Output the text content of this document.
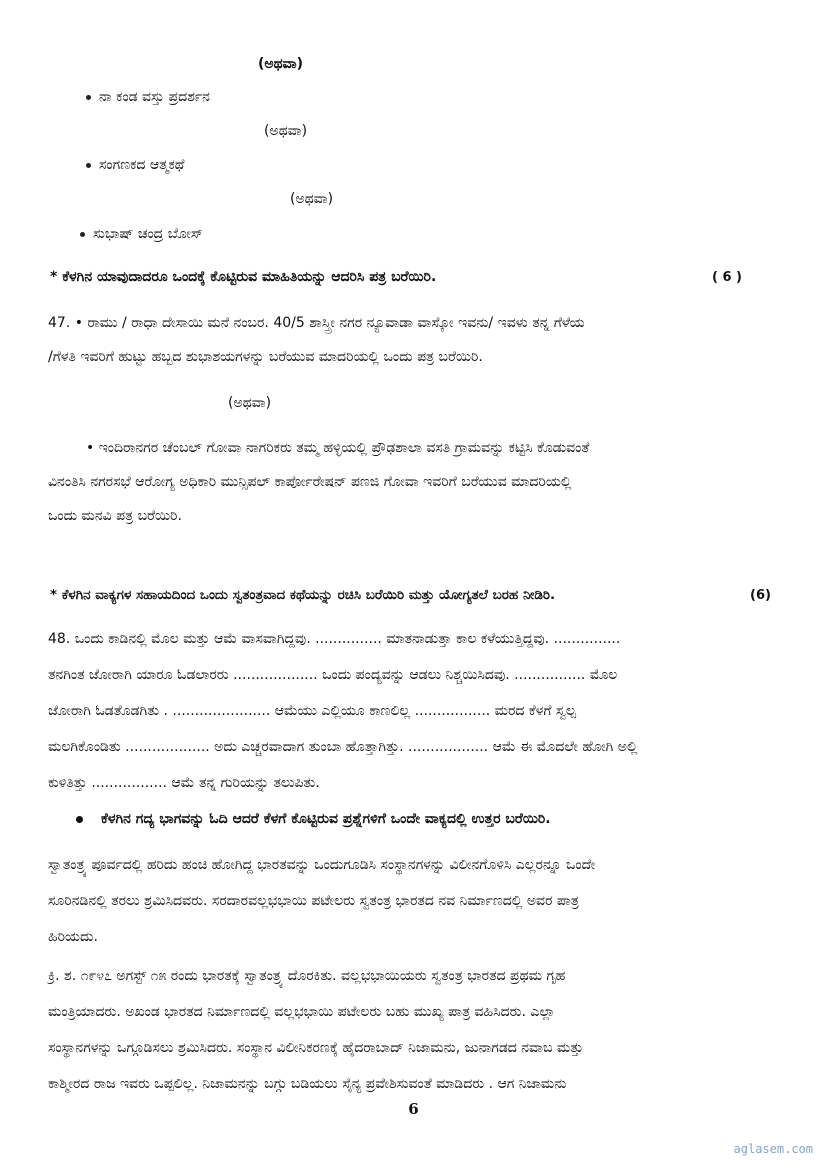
(ಅಥವಾ)
ನಾ ಕಂಡ ವಸ್ತು ಪ್ರದರ್ಶನ
(ಅಥವಾ)
ಸಂಗಣಕದ ಆತ್ಮಕಥೆ
(ಅಥವಾ)
ಸುಭಾಷ್ ಚಂದ್ರ ಬೋಸ್
* ಕೆಳಗಿನ ಯಾವುದಾದರೂ ಒಂದಕ್ಕೆ ಕೊಟ್ಟಿರುವ ಮಾಹಿತಿಯನ್ನು ಆದರಿಸಿ ಪತ್ರ ಬರೆಯಿರಿ.	( 6 )
47. • ರಾಮು / ರಾಧಾ ದೇಸಾಯಿ ಮನೆ ನಂಬರ. 40/5 ಶಾಸ್ತ್ರೀ ನಗರ ನ್ಯೂವಾಡಾ ವಾಸ್ಕೋ ಇವನು/ ಇವಳು ತನ್ನ ಗೆಳೆಯ
/ಗೆಳತಿ ಇವರಿಗೆ ಹುಟ್ಟು ಹಬ್ಬದ ಶುಭಾಶಯಗಳನ್ನು ಬರೆಯುವ ಮಾದರಿಯಲ್ಲಿ ಒಂದು ಪತ್ರ ಬರೆಯಿರಿ.
(ಅಥವಾ)
• ಇಂದಿರಾನಗರ ಚೆಂಬಲ್ ಗೋವಾ ನಾಗರಿಕರು ತಮ್ಮ ಹಳ್ಳಿಯಲ್ಲಿ ಪ್ರೌಢಶಾಲಾ ವಸತಿ ಗ್ರಾಮವನ್ನು ಕಟ್ಟಿಸಿ ಕೊಡುವಂತೆ
ವಿನಂತಿಸಿ ನಗರಸಭೆ ಆರೋಗ್ಯ ಅಧಿಕಾರಿ ಮುನ್ಸಿಪಲ್ ಕಾರ್ಪೋರೇಷನ್ ಪಣಜಿ ಗೋವಾ ಇವರಿಗೆ ಬರೆಯುವ ಮಾದರಿಯಲ್ಲಿ
ಒಂದು ಮನವಿ ಪತ್ರ ಬರೆಯಿರಿ.
* ಕೆಳಗಿನ ವಾಕ್ಯಗಳ ಸಹಾಯದಿಂದ ಒಂದು ಸ್ವತಂತ್ರವಾದ ಕಥೆಯನ್ನು ರಚಿಸಿ ಬರೆಯಿರಿ ಮತ್ತು ಯೋಗ್ಯತಲೆ ಬರಹ ನೀಡಿರಿ.	(6)
48. ಒಂದು ಕಾಡಿನಲ್ಲಿ ಮೊಲ ಮತ್ತು ಆಮೆ ವಾಸವಾಗಿದ್ದವು. ............... ಮಾತನಾಡುತ್ತಾ ಕಾಲ ಕಳೆಯುತ್ತಿದ್ದವು. ...............
ತನಗಿಂತ ಜೋರಾಗಿ ಯಾರೂ ಓಡಲಾರರು ................... ಒಂದು ಪಂದ್ಯವನ್ನು ಆಡಲು ನಿಶ್ಚಯಿಸಿದವು. ................ ಮೊಲ
ಜೋರಾಗಿ ಓಡತೊಡಗಿತು . ...................... ಆಮೆಯು ಎಲ್ಲಿಯೂ ಕಾಣಲಿಲ್ಲ ................. ಮರದ ಕೆಳಗೆ ಸ್ವಲ್ಪ
ಮಲಗಿಕೊಂಡಿತು ................... ಅದು ಎಚ್ಚರವಾದಾಗ ತುಂಬಾ ಹೊತ್ತಾಗಿತ್ತು. .................. ಆಮೆ ಈ ಮೊದಲೇ ಹೋಗಿ ಅಲ್ಲಿ
ಕುಳಿತಿತ್ತು ................. ಆಮೆ ತನ್ನ ಗುರಿಯನ್ನು ತಲುಪಿತು.
ಕೆಳಗಿನ ಗದ್ಯ ಭಾಗವನ್ನು ಓದಿ ಆದರೆ ಕೆಳಗೆ ಕೊಟ್ಟಿರುವ ಪ್ರಶ್ನೆಗಳಿಗೆ ಒಂದೇ ವಾಕ್ಯದಲ್ಲಿ ಉತ್ತರ ಬರೆಯಿರಿ.
ಸ್ವಾತಂತ್ರ್ಯ ಪೂರ್ವದಲ್ಲಿ ಹರಿದು ಹಂಚಿ ಹೋಗಿದ್ದ ಭಾರತವನ್ನು ಒಂದುಗೂಡಿಸಿ ಸಂಸ್ಥಾನಗಳನ್ನು ವಿಲೀನಗೊಳಿಸಿ ಎಲ್ಲರನ್ನೂ ಒಂದೇ
ಸೂರಿನಡಿನಲ್ಲಿ ತರಲು ಶ್ರಮಿಸಿದವರು. ಸರದಾರವಲ್ಲಭಭಾಯಿ ಪಟೇಲರು ಸ್ವತಂತ್ರ ಭಾರತದ ನವ ನಿರ್ಮಾಣದಲ್ಲಿ ಅವರ ಪಾತ್ರ
ಹಿರಿಯದು.
ಕ್ರಿ. ಶ. ೧೯೪೭ ಅಗಸ್ಟ್ ೧೫ ರಂದು ಭಾರತಕ್ಕೆ ಸ್ವಾತಂತ್ರ್ಯ ದೊರಕಿತು. ವಲ್ಲಭಭಾಯಿಯರು ಸ್ವತಂತ್ರ ಭಾರತದ ಪ್ರಥಮ ಗೃಹ
ಮಂತ್ರಿಯಾದರು. ಅಖಂಡ ಭಾರತದ ನಿರ್ಮಾಣದಲ್ಲಿ ವಲ್ಲಭಭಾಯಿ ಪಟೇಲರು ಬಹು ಮುಖ್ಯ ಪಾತ್ರ ವಹಿಸಿದರು. ಎಲ್ಲಾ
ಸಂಸ್ಥಾನಗಳನ್ನು ಒಗ್ಗೂಡಿಸಲು ಶ್ರಮಿಸಿದರು. ಸಂಸ್ಥಾನ ವಿಲೀನಿಕರಣಕ್ಕೆ ಹೈದರಾಬಾದ್ ನಿಜಾಮನು, ಜುನಾಗಡದ ನವಾಬ ಮತ್ತು
ಕಾಶ್ಮೀರದ ರಾಜ ಇವರು ಒಪ್ಪಲಿಲ್ಲ. ನಿಜಾಮನನ್ನು ಬಗ್ಗು ಬಡಿಯಲು ಸೈನ್ಯ ಪ್ರವೇಶಿಸುವಂತೆ ಮಾಡಿದರು . ಆಗ ನಿಜಾಮನು
6
aglasem.com
